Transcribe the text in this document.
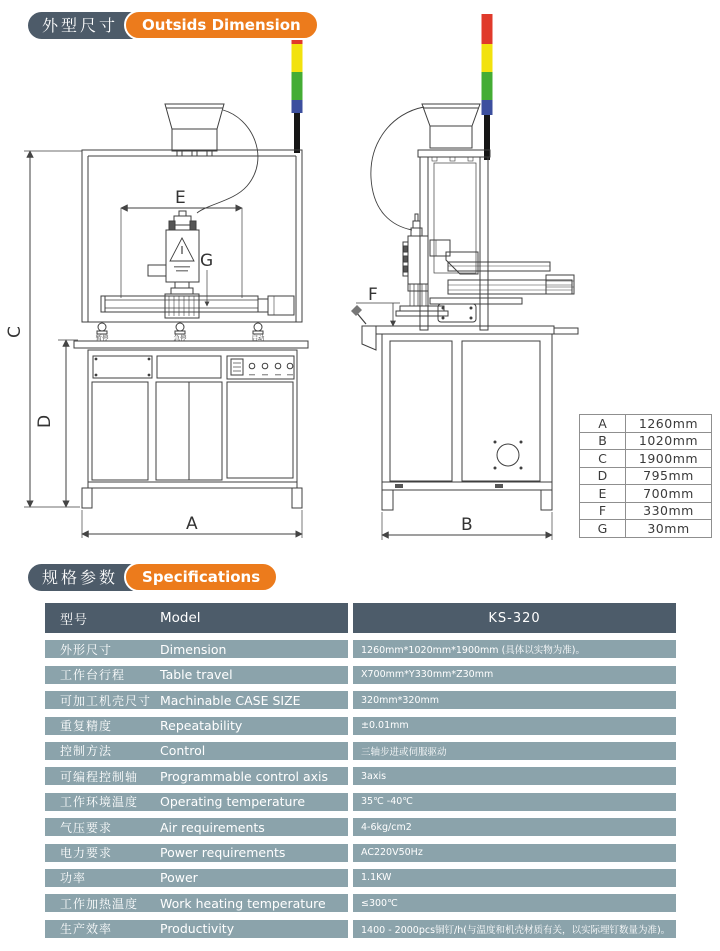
外型尺寸	Outsids Dimension
规格参数	Specifications
E
G
暂停	急停	启动
A
C
D
F
B
A	1260mm
B	1020mm
C	1900mm
D	795mm
E	700mm
F	330mm
G	30mm
型号	Model	KS-320
外形尺寸	Dimension	1260mm*1020mm*1900mm (具体以实物为准)。
工作台行程	Table travel	X700mm*Y330mm*Z30mm
可加工机壳尺寸 Machinable CASE SIZE	320mm*320mm
重复精度	Repeatability	±0.01mm
控制方法	Control	三轴步进或伺服驱动
可编程控制轴	Programmable control axis	3axis
工作环境温度	Operating temperature	35℃ -40℃
气压要求	Air requirements	4-6kg/cm2
电力要求	Power requirements	AC220V50Hz
功率	Power	1.1KW
工作加热温度	Work heating temperature	≤300℃
生产效率	Productivity	1400 - 2000pcs铜钉/h(与温度和机壳材质有关，以实际埋钉数量为准)。
